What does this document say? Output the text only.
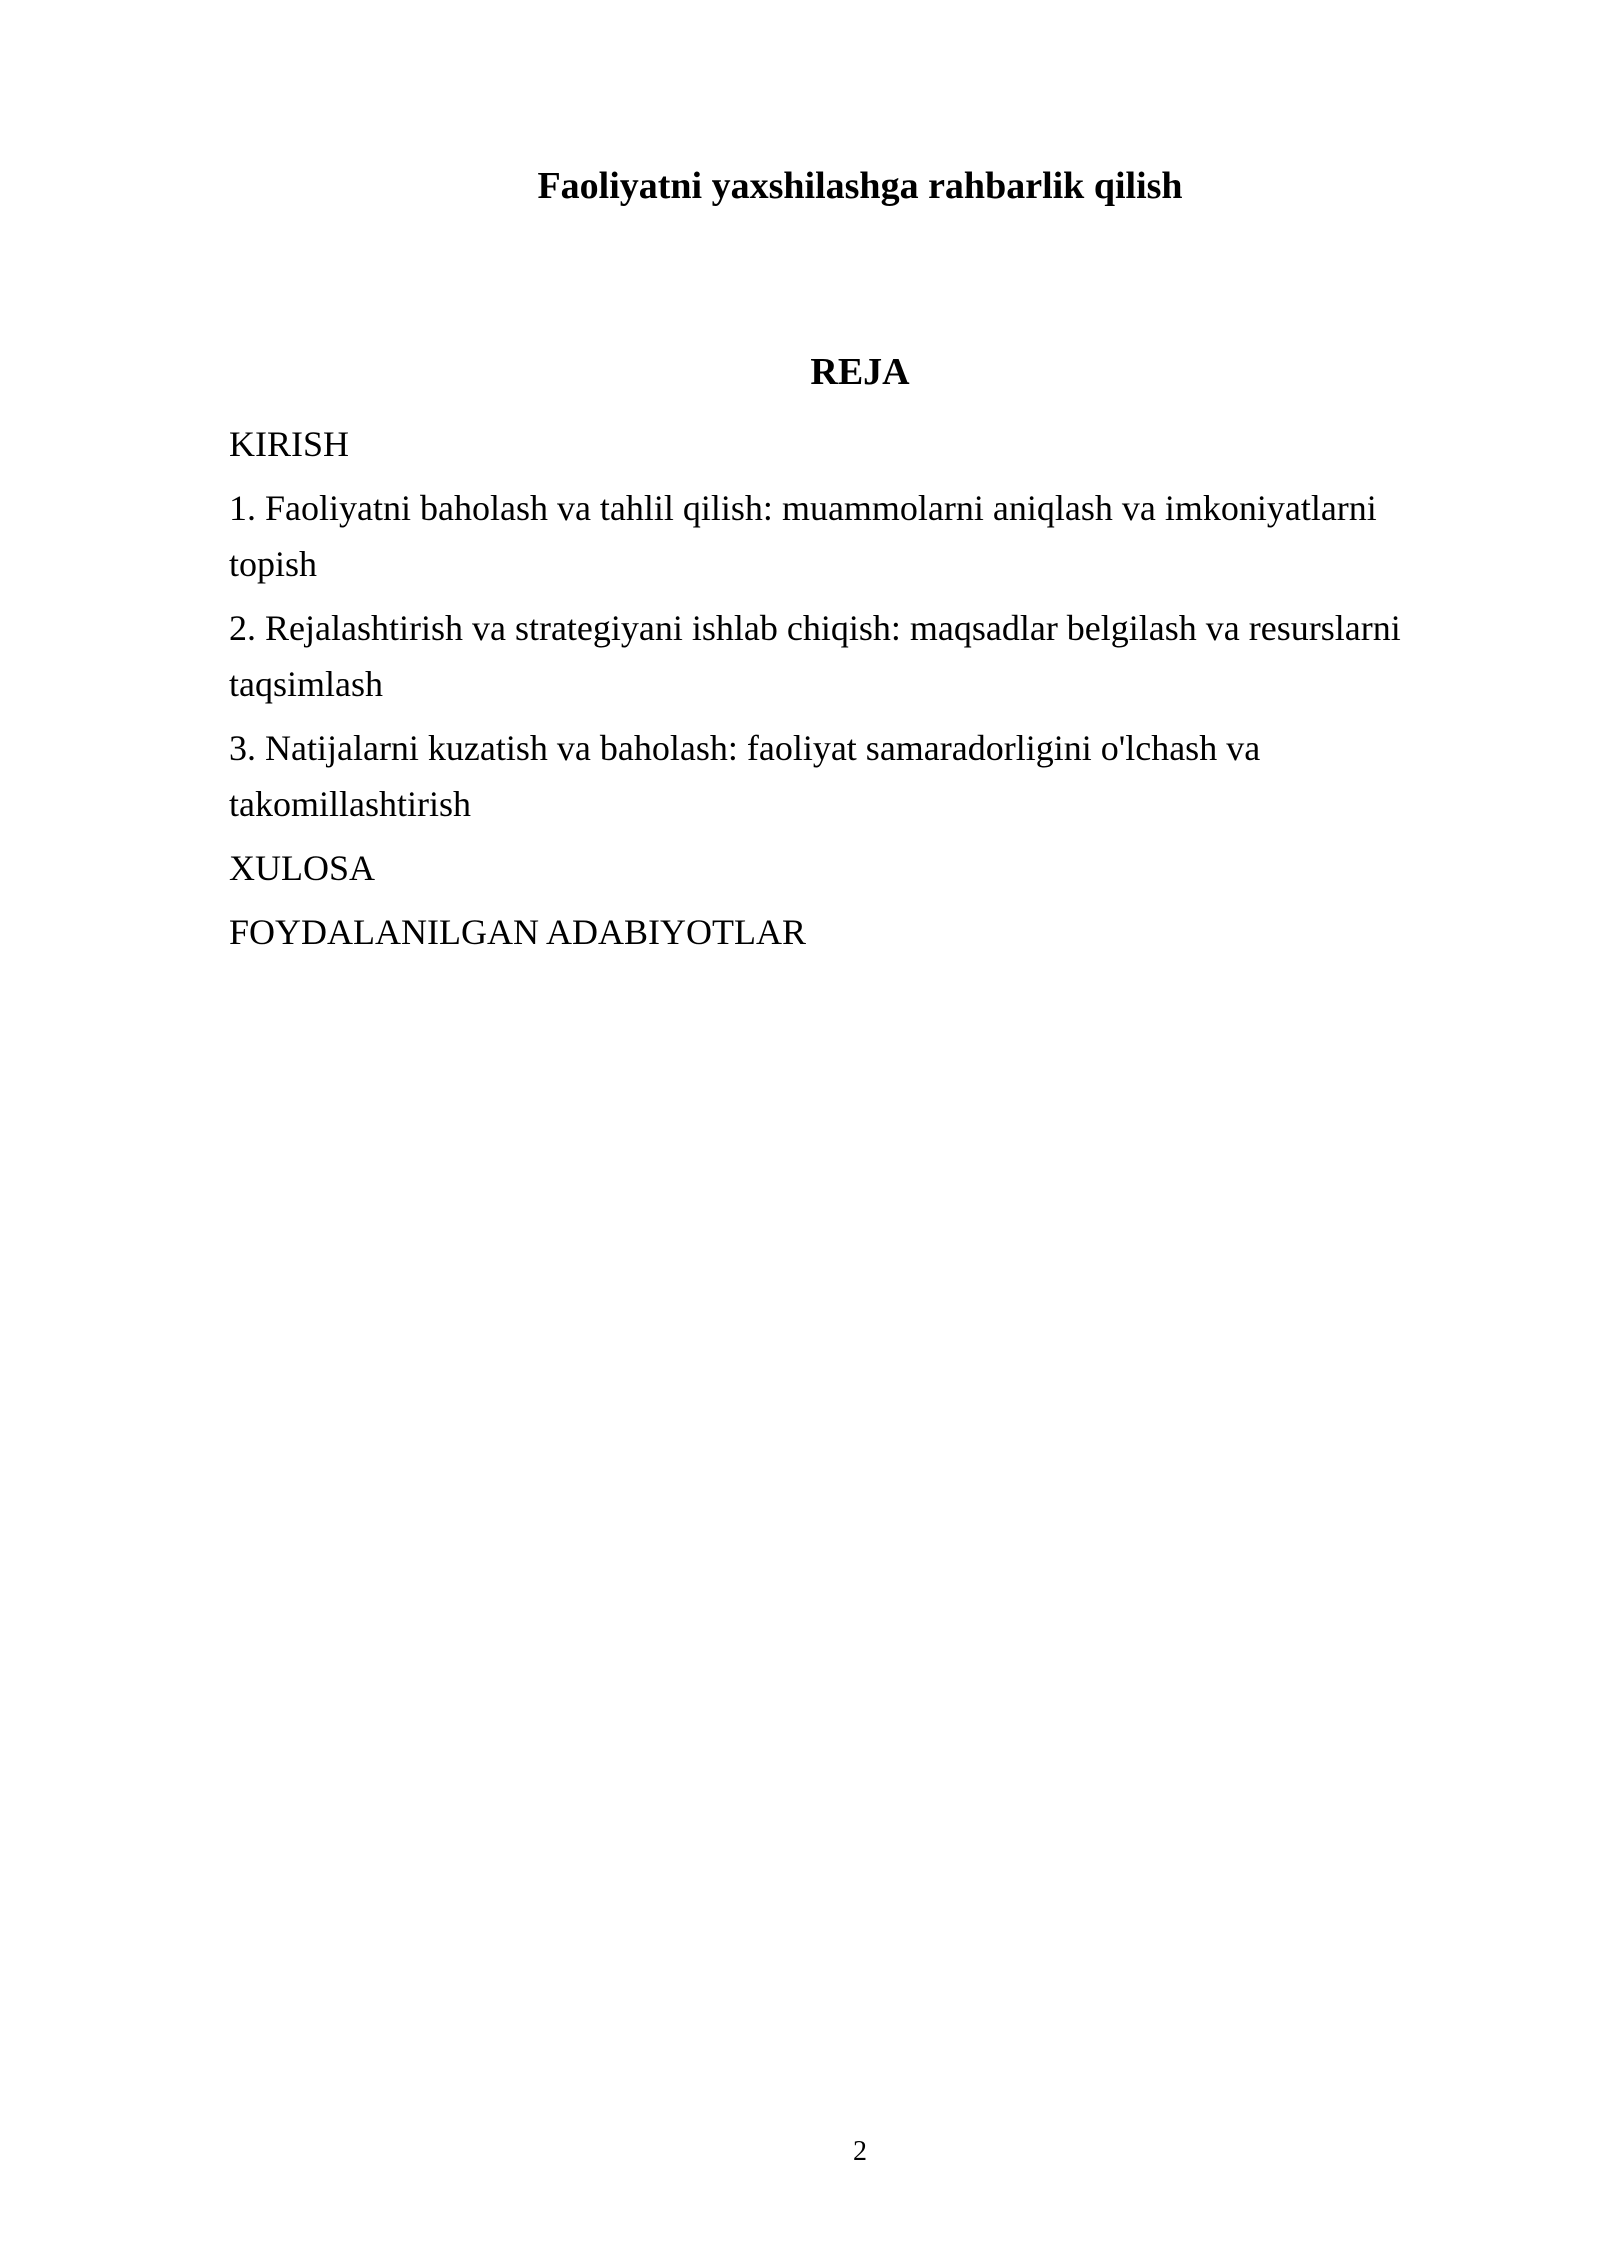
Faoliyatni yaxshilashga rahbarlik qilish
REJA
KIRISH
1. Faoliyatni baholash va tahlil qilish: muammolarni aniqlash va imkoniyatlarni topish
2. Rejalashtirish va strategiyani ishlab chiqish: maqsadlar belgilash va resurslarni taqsimlash
3. Natijalarni kuzatish va baholash: faoliyat samaradorligini o'lchash va takomillashtirish
XULOSA
FOYDALANILGAN ADABIYOTLAR
2
